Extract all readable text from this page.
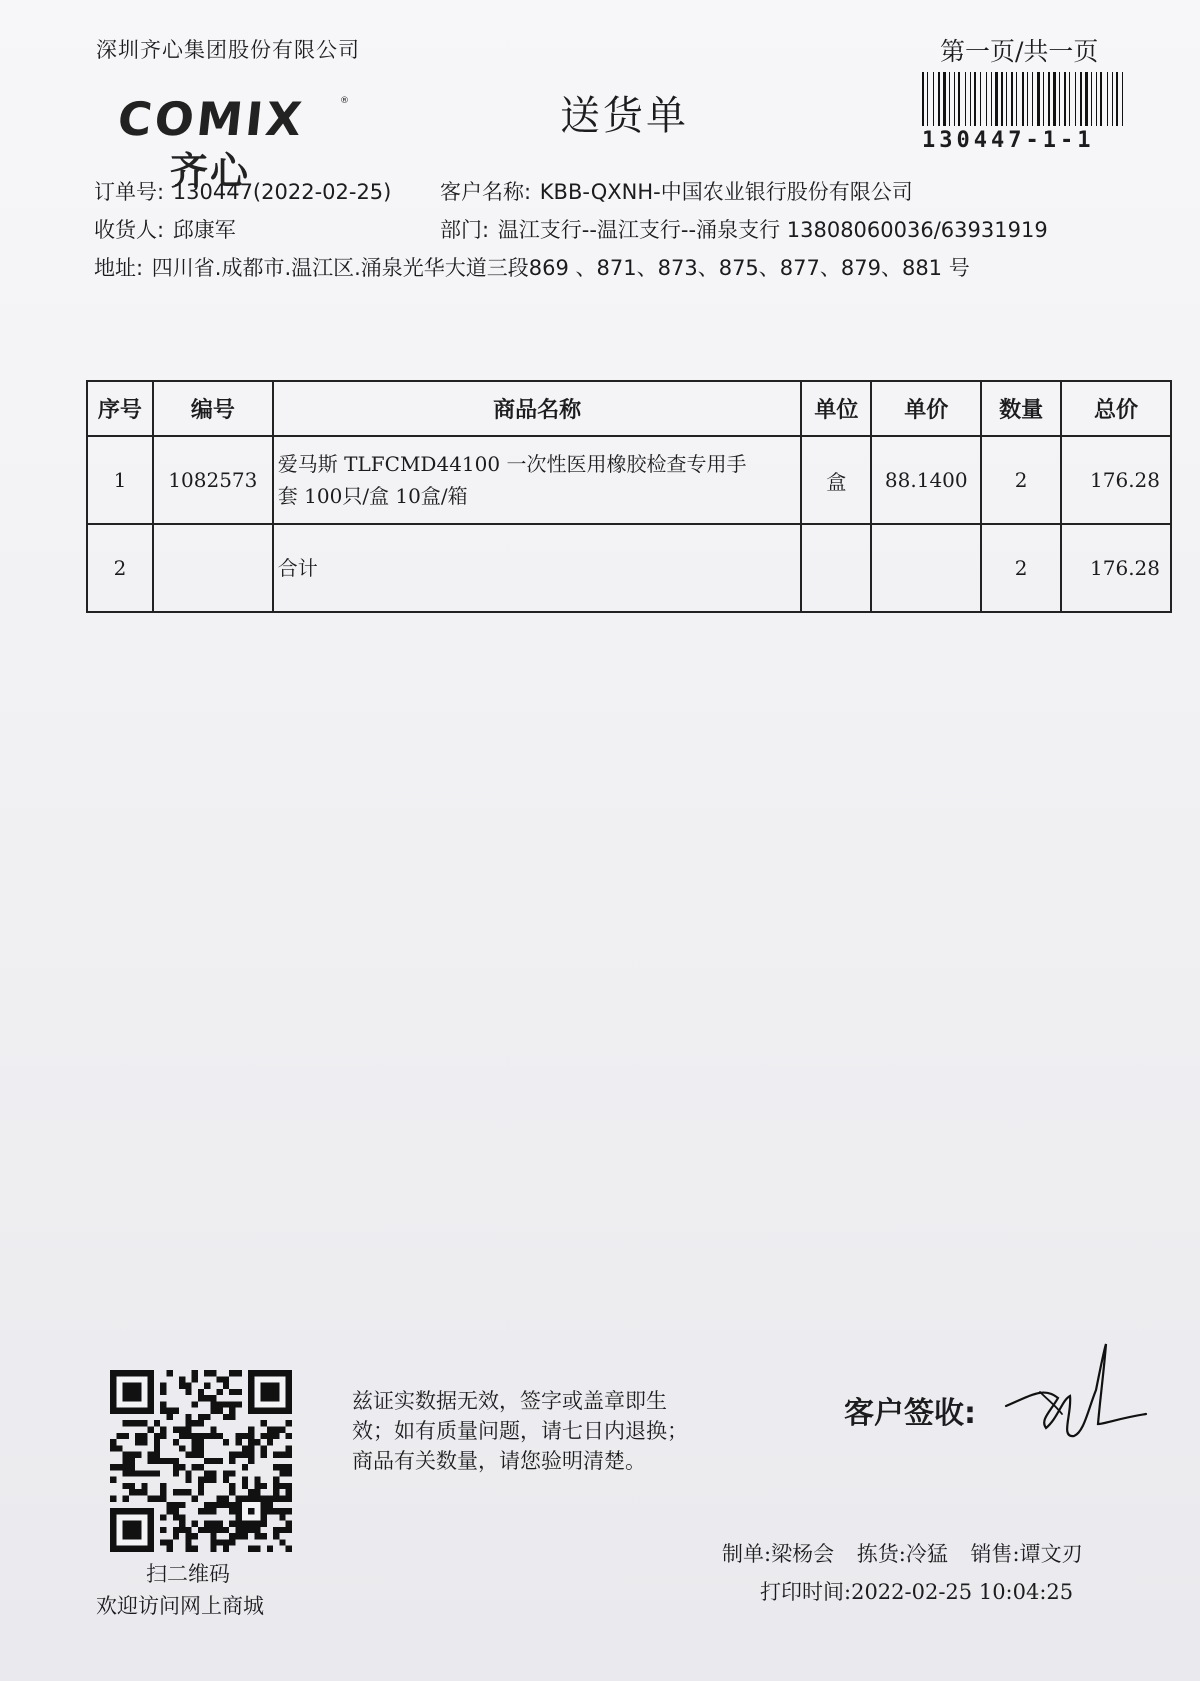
深圳齐心集团股份有限公司
COMIX	®
齐心
送货单
第一页/共一页
130447-1-1
订单号: 130447(2022-02-25) 客户名称: KBB-QXNH-中国农业银行股份有限公司
收货人: 邱康军	部门: 温江支行--温江支行--涌泉支行 13808060036/63931919
地址: 四川省.成都市.温江区.涌泉光华大道三段869 、871、873、875、877、879、881 号
序号	编号	商品名称	单位	单价	数量	总价
1	1082573	爱马斯 TLFCMD44100 一次性医用橡胶检查专用手
套 100只/盒 10盒/箱	盒	88.1400	2	176.28
2		合计			2	176.28
扫二维码
欢迎访问网上商城
兹证实数据无效，签字或盖章即生
效；如有质量问题，请七日内退换；
商品有关数量，请您验明清楚。
客户签收:
制单:梁杨会 拣货:冷猛 销售:谭文刃
打印时间:2022-02-25 10:04:25
